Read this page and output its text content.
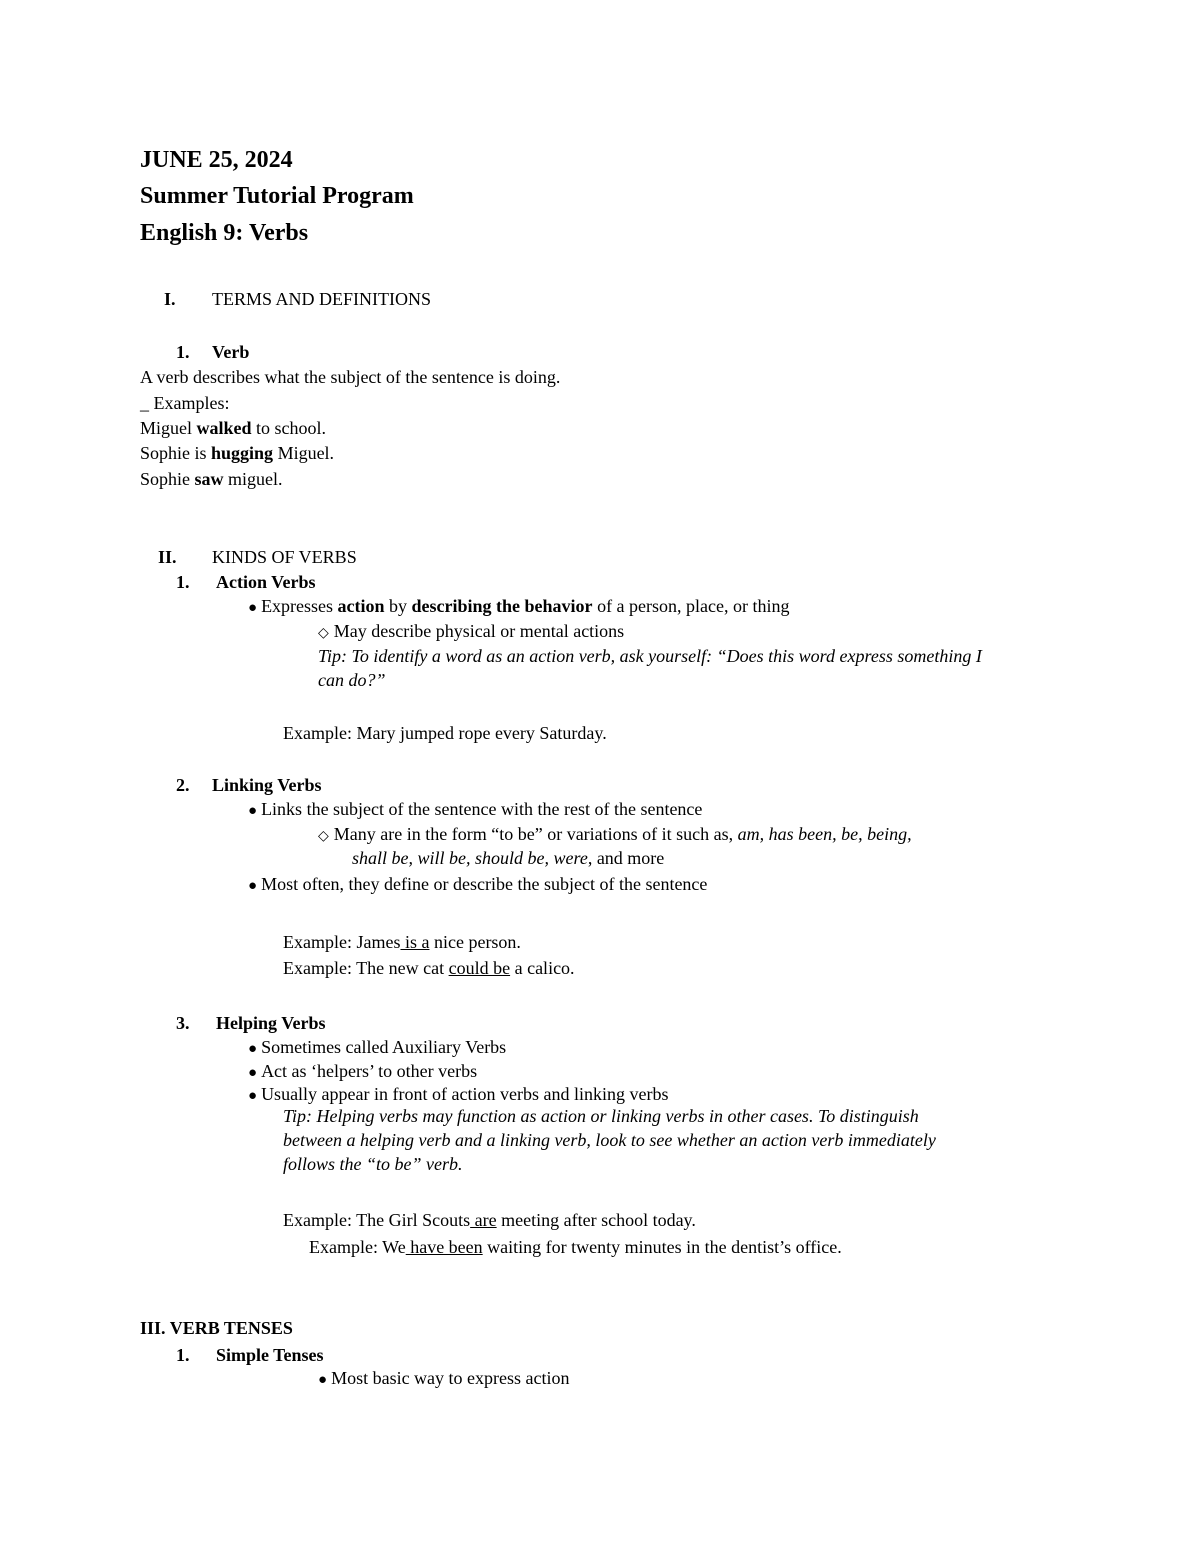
JUNE 25, 2024
Summer Tutorial Program
English 9: Verbs
I. TERMS AND DEFINITIONS
1. Verb
A verb describes what the subject of the sentence is doing.
_ Examples:
Miguel walked to school.
Sophie is hugging Miguel.
Sophie saw miguel.
II. KINDS OF VERBS
1. Action Verbs
● Expresses action by describing the behavior of a person, place, or thing
◇ May describe physical or mental actions
Tip: To identify a word as an action verb, ask yourself: “Does this word express something I
can do?”
Example: Mary jumped rope every Saturday.
2. Linking Verbs
● Links the subject of the sentence with the rest of the sentence
◇ Many are in the form “to be” or variations of it such as, am, has been, be, being,
shall be, will be, should be, were, and more
● Most often, they define or describe the subject of the sentence
Example: James is a nice person.
Example: The new cat could be a calico.
3. Helping Verbs
● Sometimes called Auxiliary Verbs
● Act as ‘helpers’ to other verbs
● Usually appear in front of action verbs and linking verbs
Tip: Helping verbs may function as action or linking verbs in other cases. To distinguish
between a helping verb and a linking verb, look to see whether an action verb immediately
follows the “to be” verb.
Example: The Girl Scouts are meeting after school today.
Example: We have been waiting for twenty minutes in the dentist’s office.
III. VERB TENSES
1. Simple Tenses
● Most basic way to express action
